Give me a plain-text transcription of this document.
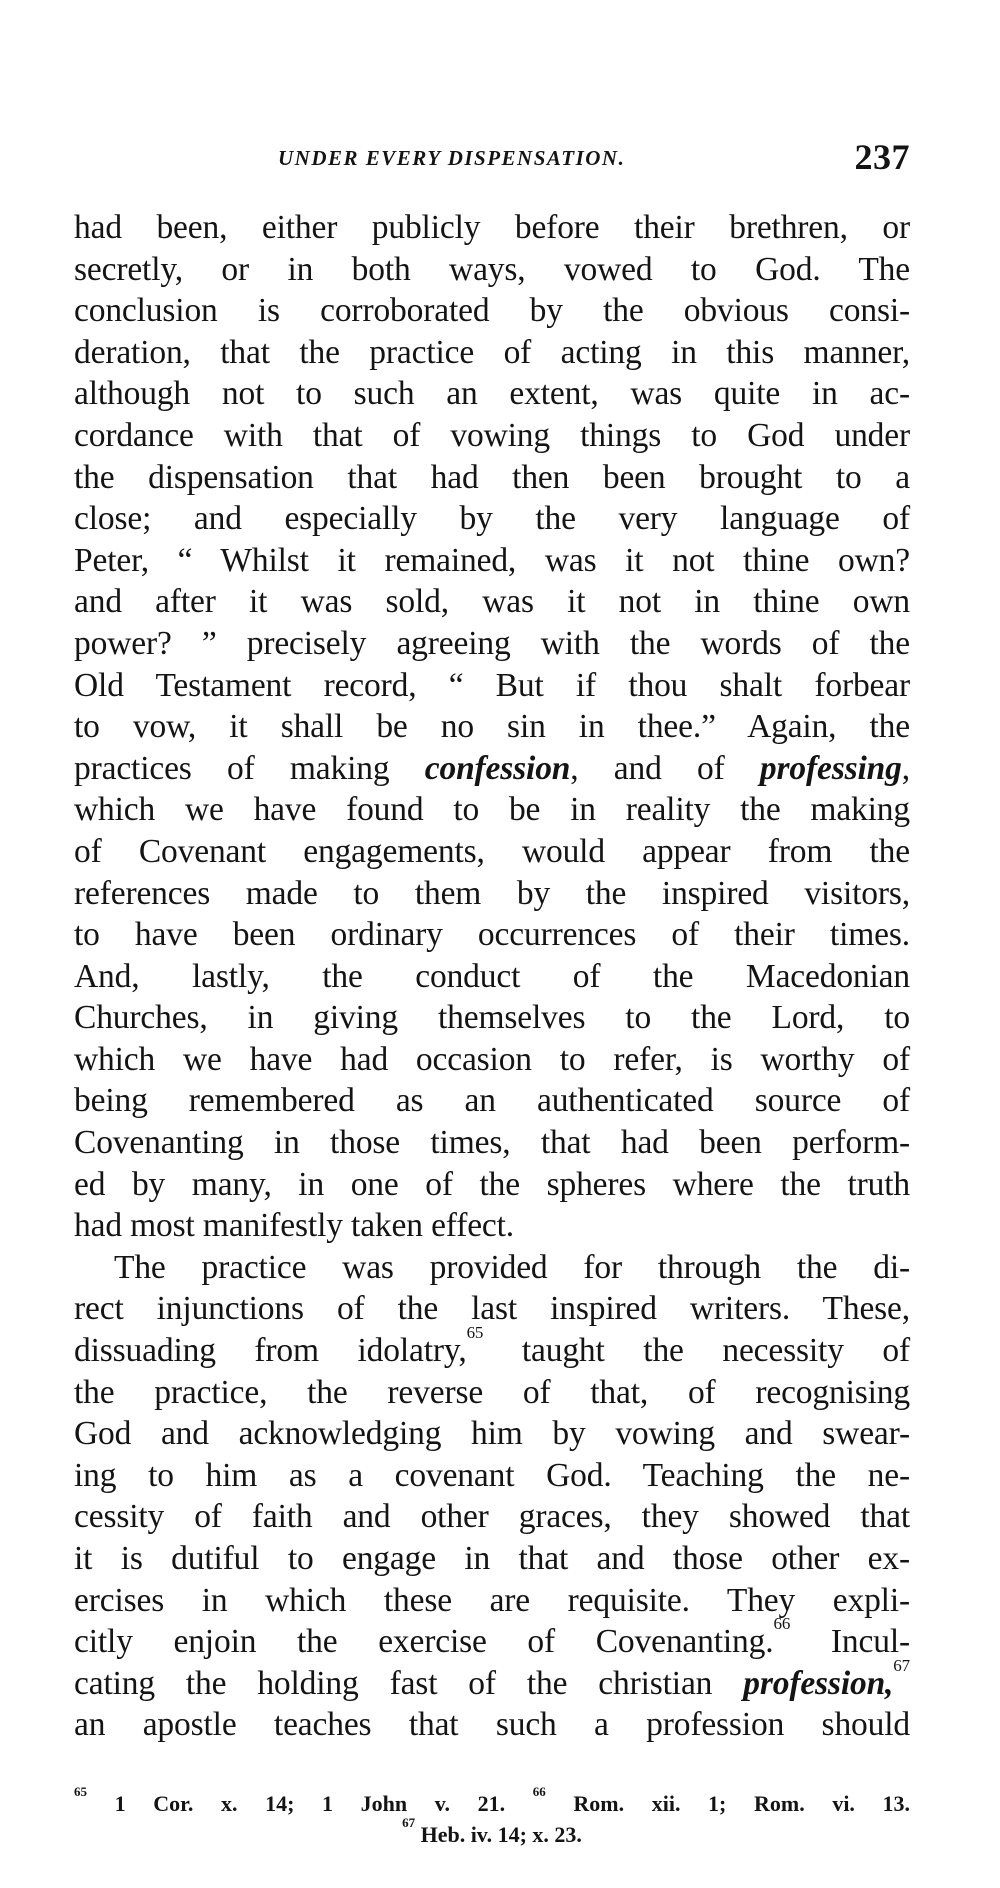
UNDER EVERY DISPENSATION.	237
had been, either publicly before their brethren, or
secretly, or in both ways, vowed to God. The
conclusion is corroborated by the obvious consi-
deration, that the practice of acting in this manner,
although not to such an extent, was quite in ac-
cordance with that of vowing things to God under
the dispensation that had then been brought to a
close; and especially by the very language of
Peter, “ Whilst it remained, was it not thine own?
and after it was sold, was it not in thine own
power? ” precisely agreeing with the words of the
Old Testament record, “ But if thou shalt forbear
to vow, it shall be no sin in thee.” Again, the
practices of making confession, and of professing,
which we have found to be in reality the making
of Covenant engagements, would appear from the
references made to them by the inspired visitors,
to have been ordinary occurrences of their times.
And, lastly, the conduct of the Macedonian
Churches, in giving themselves to the Lord, to
which we have had occasion to refer, is worthy of
being remembered as an authenticated source of
Covenanting in those times, that had been perform-
ed by many, in one of the spheres where the truth
had most manifestly taken effect.
The practice was provided for through the di-
rect injunctions of the last inspired writers. These,
dissuading from idolatry,$^{65}$ taught the necessity of
the practice, the reverse of that, of recognising
God and acknowledging him by vowing and swear-
ing to him as a covenant God. Teaching the ne-
cessity of faith and other graces, they showed that
it is dutiful to engage in that and those other ex-
ercises in which these are requisite. They expli-
citly enjoin the exercise of Covenanting.$^{66}$ Incul-
cating the holding fast of the christian profession,$^{67}$
an apostle teaches that such a profession should
$^{65}$ 1 Cor. x. 14; 1 John v. 21. $^{66}$ Rom. xii. 1; Rom. vi. 13.
$^{67}$ Heb. iv. 14; x. 23.
